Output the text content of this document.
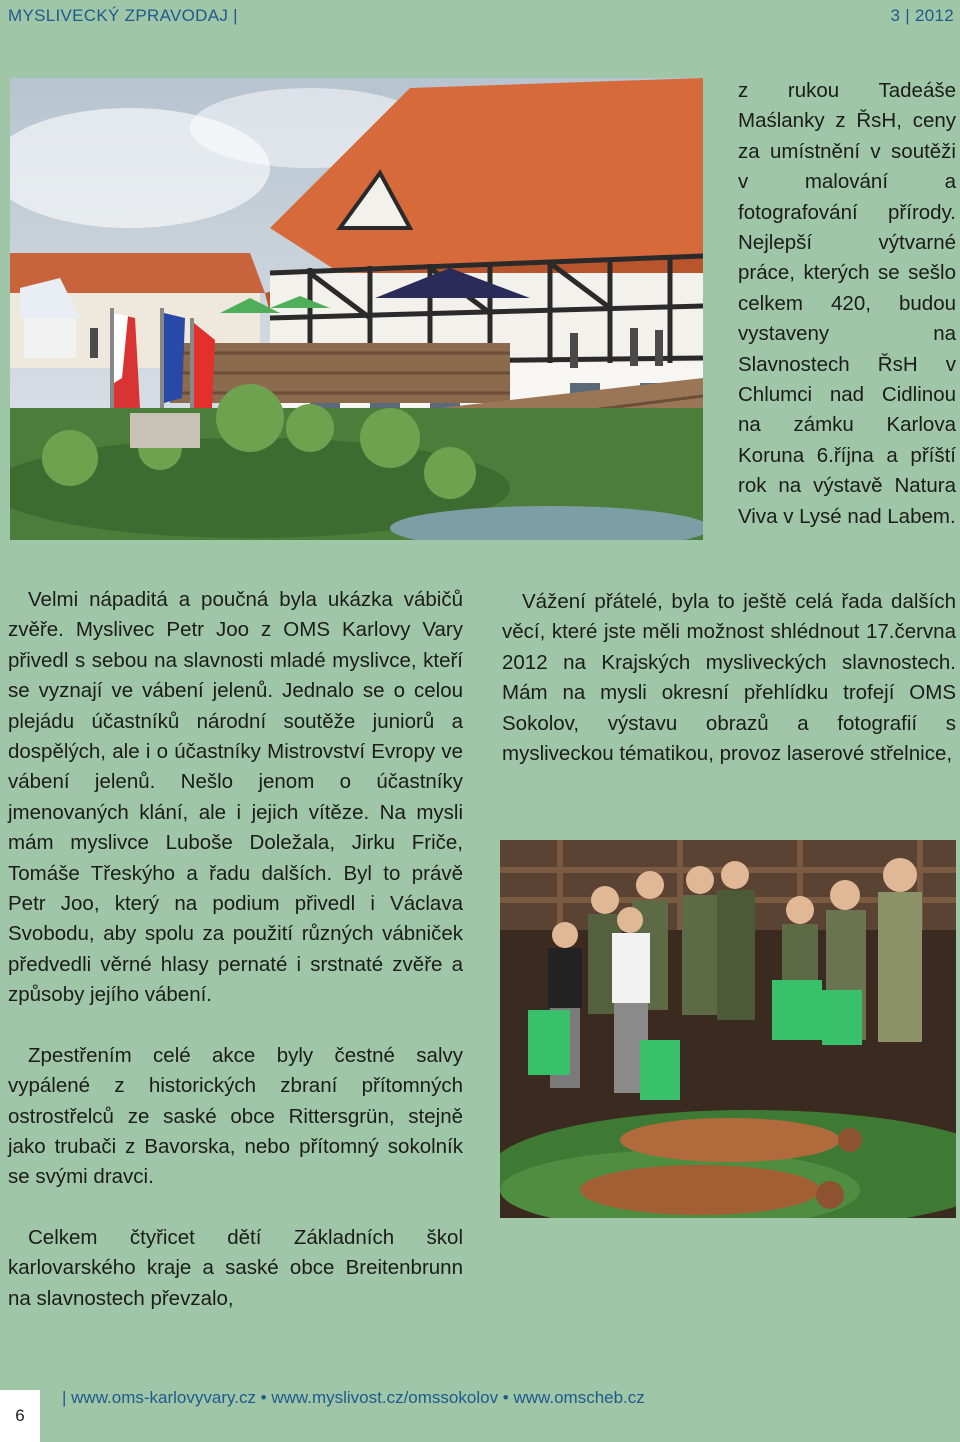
MYSLIVECKÝ ZPRAVODAJ |	3 | 2012

z rukou Tadeáše Maślanky z ŘsH, ceny za umístnění v soutěži v malování a fotografování přírody. Nejlepší výtvarné práce, kterých se sešlo celkem 420, budou vystaveny na Slavnostech ŘsH v Chlumci nad Cidlinou na zámku Karlova Koruna 6.října a příští rok na výstavě Natura Viva v Lysé nad Labem.

Velmi nápaditá a poučná byla ukázka vábičů zvěře. Myslivec Petr Joo z OMS Karlovy Vary přivedl s sebou na slavnosti mladé myslivce, kteří se vyznají ve vábení jelenů. Jednalo se o celou plejádu účastníků národní soutěže juniorů a dospělých, ale i o účastníky Mistrovství Evropy ve vábení jelenů. Nešlo jenom o účastníky jmenovaných klání, ale i jejich vítěze. Na mysli mám myslivce Luboše Doležala, Jirku Friče, Tomáše Třeskýho a řadu dalších. Byl to právě Petr Joo, který na podium přivedl i Václava Svobodu, aby spolu za použití různých vábniček předvedli věrné hlasy pernaté i srstnaté zvěře a způsoby jejího vábení.

Zpestřením celé akce byly čestné salvy vypálené z historických zbraní přítomných ostrostřelců ze saské obce Rittersgrün, stejně jako trubači z Bavorska, nebo přítomný sokolník se svými dravci.

Celkem čtyřicet dětí Základních škol karlovarského kraje a saské obce Breitenbrunn na slavnostech převzalo,

Vážení přátelé, byla to ještě celá řada dalších věcí, které jste měli možnost shlédnout 17.června 2012 na Krajských mysliveckých slavnostech. Mám na mysli okresní přehlídku trofejí OMS Sokolov, výstavu obrazů a fotografií s mysliveckou tématikou, provoz laserové střelnice,

6
| www.oms-karlovyvary.cz • www.myslivost.cz/omssokolov • www.omscheb.cz
